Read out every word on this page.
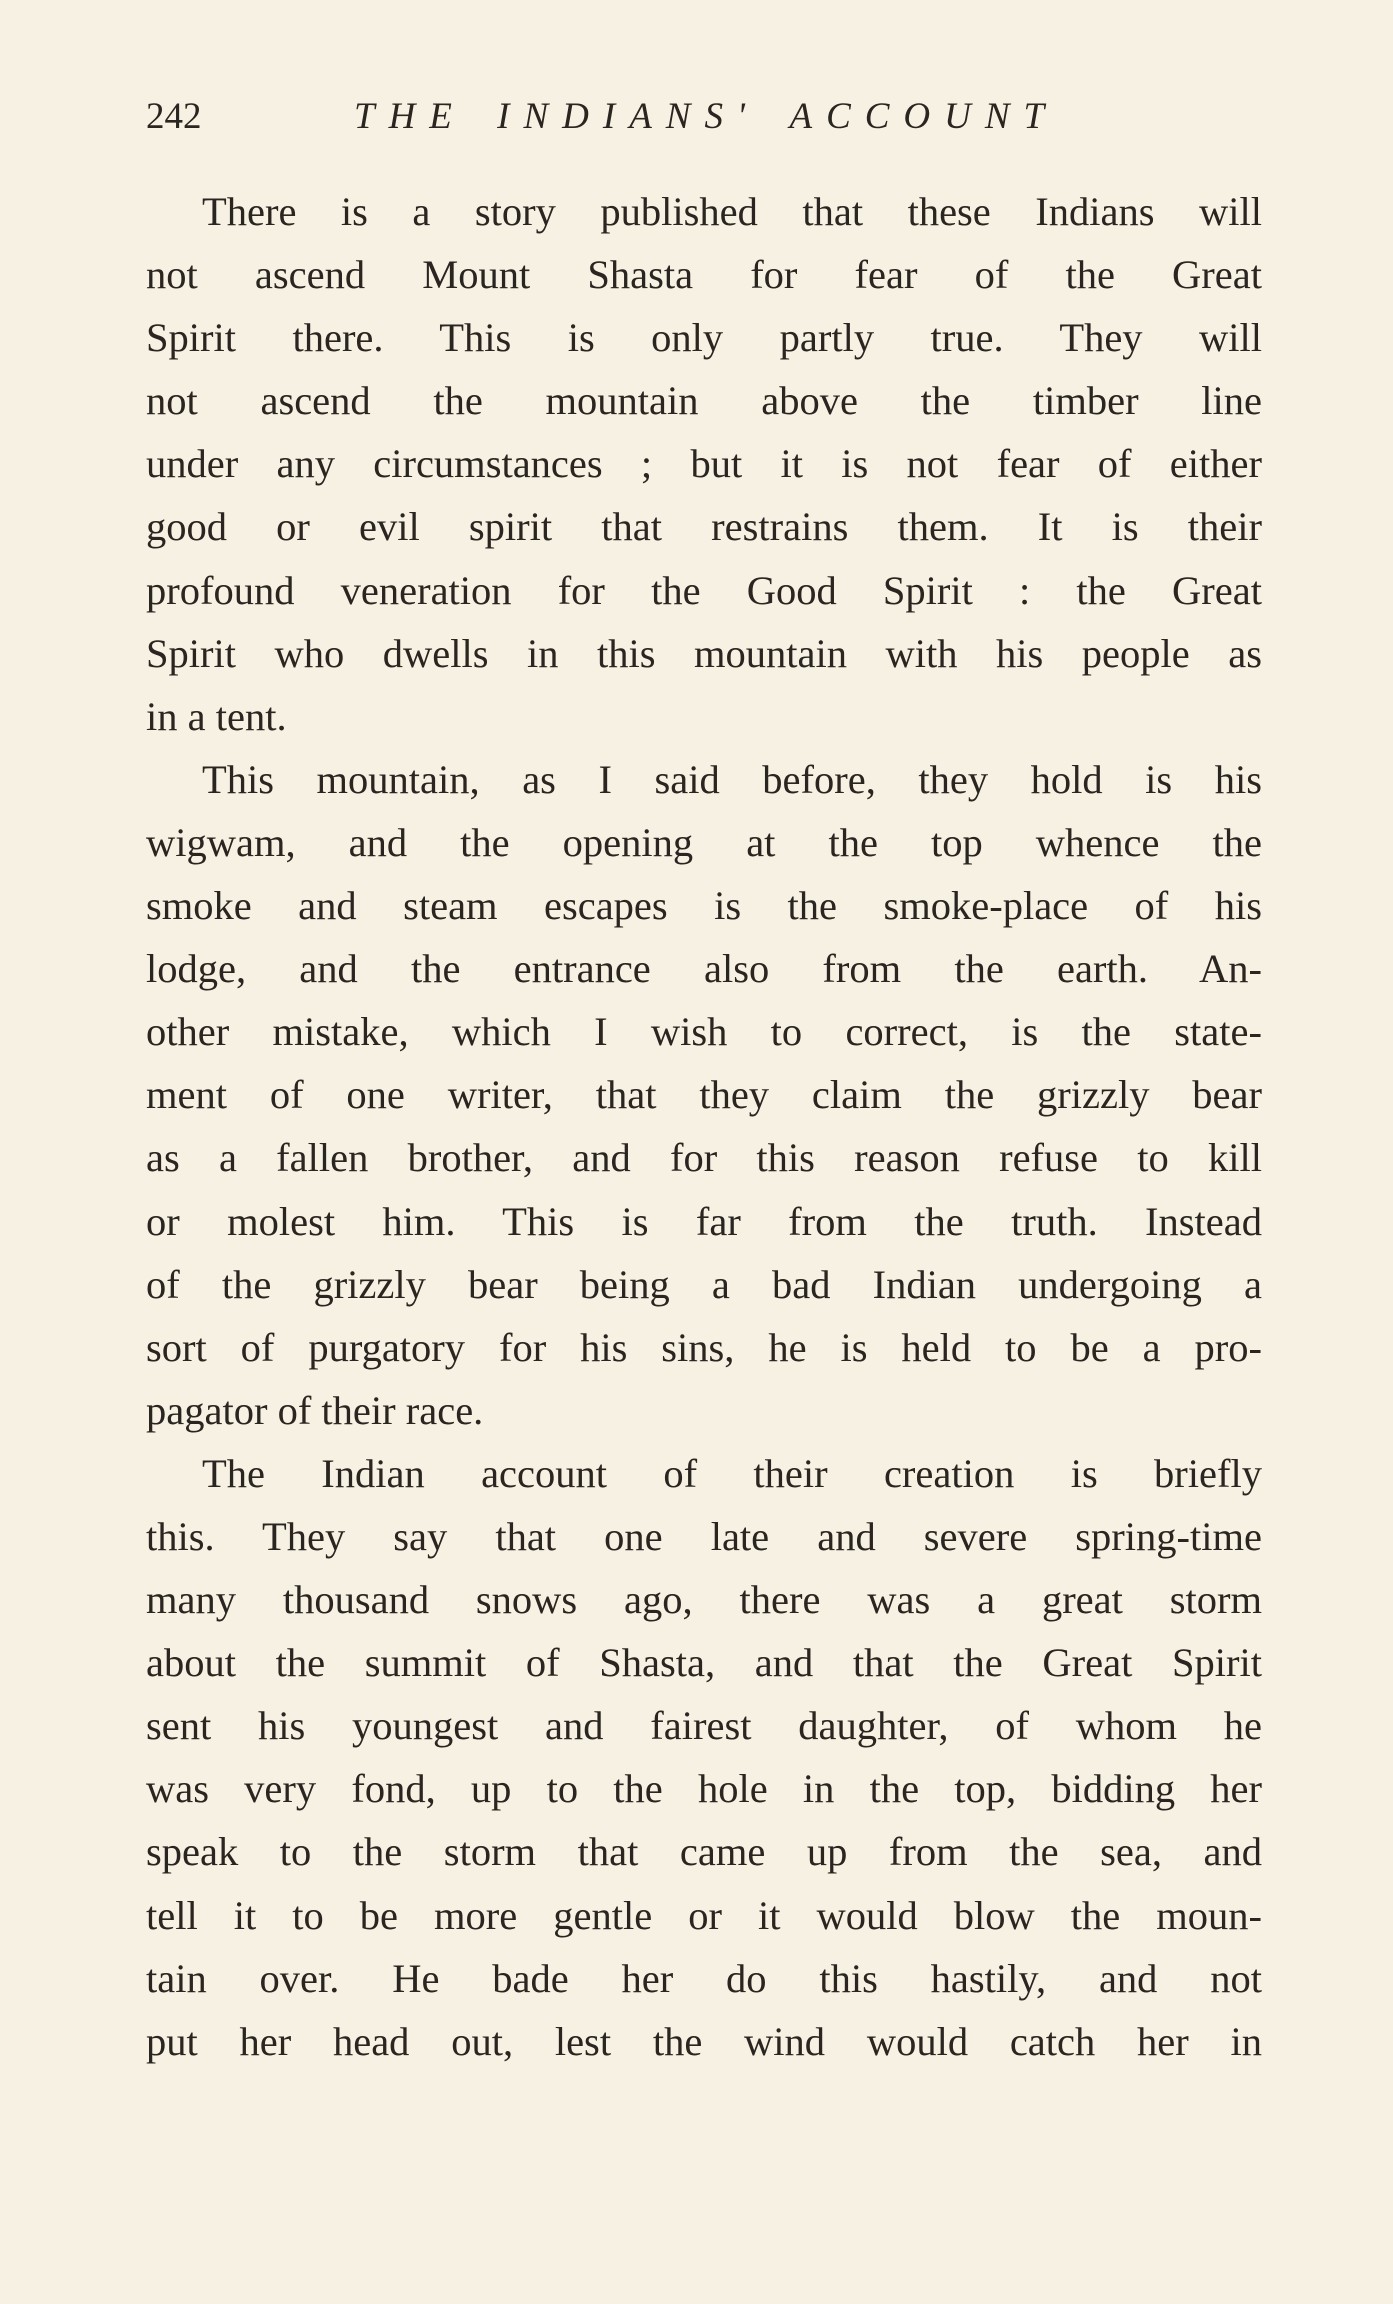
242	THE INDIANS' ACCOUNT
There is a story published that these Indians will
not ascend Mount Shasta for fear of the Great
Spirit there. This is only partly true. They will
not ascend the mountain above the timber line
under any circumstances ; but it is not fear of either
good or evil spirit that restrains them. It is their
profound veneration for the Good Spirit : the Great
Spirit who dwells in this mountain with his people as
in a tent.
This mountain, as I said before, they hold is his
wigwam, and the opening at the top whence the
smoke and steam escapes is the smoke-place of his
lodge, and the entrance also from the earth. An-
other mistake, which I wish to correct, is the state-
ment of one writer, that they claim the grizzly bear
as a fallen brother, and for this reason refuse to kill
or molest him. This is far from the truth. Instead
of the grizzly bear being a bad Indian undergoing a
sort of purgatory for his sins, he is held to be a pro-
pagator of their race.
The Indian account of their creation is briefly
this. They say that one late and severe spring-time
many thousand snows ago, there was a great storm
about the summit of Shasta, and that the Great Spirit
sent his youngest and fairest daughter, of whom he
was very fond, up to the hole in the top, bidding her
speak to the storm that came up from the sea, and
tell it to be more gentle or it would blow the moun-
tain over. He bade her do this hastily, and not
put her head out, lest the wind would catch her in
